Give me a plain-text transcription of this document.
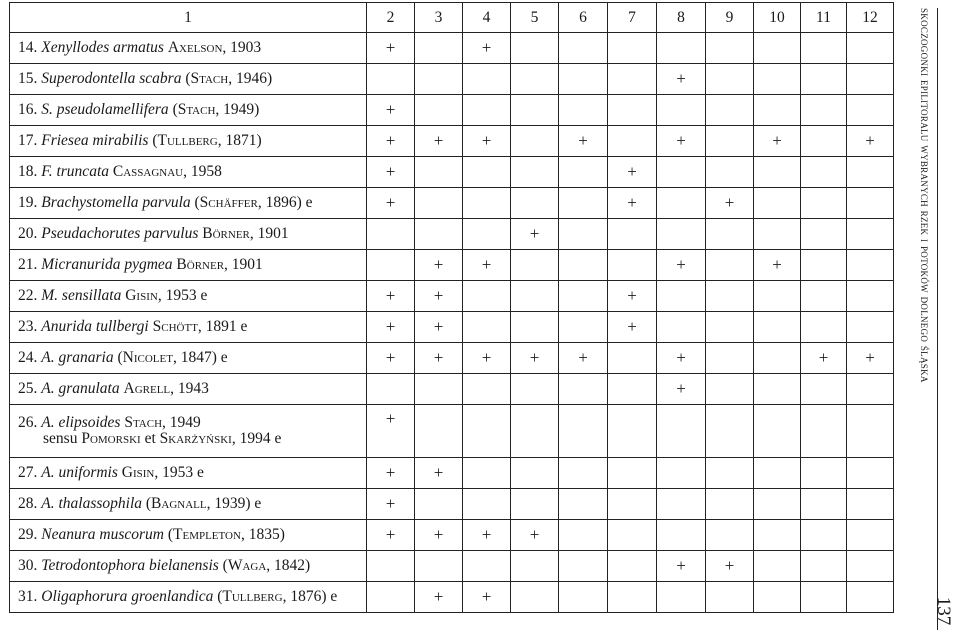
1	2	3	4	5	6	7	8	9	10	11	12
14. Xenyllodes armatus Axelson, 1903	+		+								
15. Superodontella scabra (Stach, 1946)							+				
16. S. pseudolamellifera (Stach, 1949)	+										
17. Friesea mirabilis (Tullberg, 1871)	+	+	+		+		+		+		+
18. F. truncata Cassagnau, 1958	+					+					
19. Brachystomella parvula (Schäffer, 1896) e	+					+		+			
20. Pseudachorutes parvulus Börner, 1901				+							
21. Micranurida pygmea Börner, 1901		+	+				+		+		
22. M. sensillata Gisin, 1953 e	+	+				+					
23. Anurida tullbergi Schött, 1891 e	+	+				+					
24. A. granaria (Nicolet, 1847) e	+	+	+	+	+		+			+	+
25. A. granulata Agrell, 1943							+				
26. A. elipsoides Stach, 1949
sensu Pomorski et Skarżyński, 1994 e	+										
27. A. uniformis Gisin, 1953 e	+	+									
28. A. thalassophila (Bagnall, 1939) e	+										
29. Neanura muscorum (Templeton, 1835)	+	+	+	+							
30. Tetrodontophora bielanensis (Waga, 1842)							+	+			
31. Oligaphorura groenlandica (Tullberg, 1876) e		+	+								
skoczogonki epilitoralu wybranych rzek i potoków dolnego śląska
137
